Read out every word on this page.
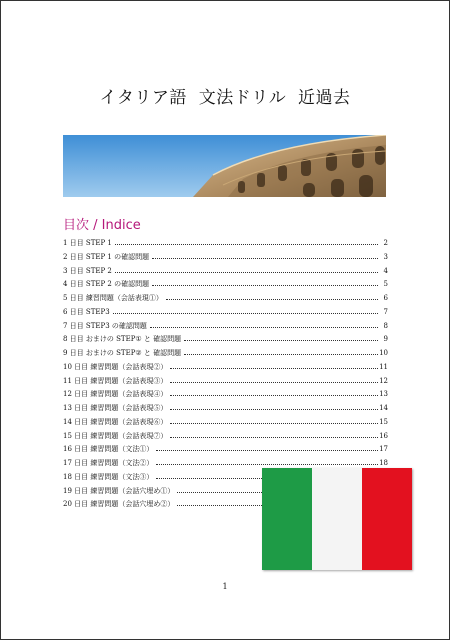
イタリア語  文法ドリル  近過去
目次 / Indice
1 日目 STEP 1	2
2 日目 STEP 1 の確認問題	3
3 日目 STEP 2	4
4 日目 STEP 2 の確認問題	5
5 日目 練習問題（会話表現①）	6
6 日目 STEP3	7
7 日目 STEP3 の確認問題	8
8 日目 おまけの STEP① と 確認問題	9
9 日目 おまけの STEP② と 確認問題	10
10 日目 練習問題（会話表現②）	11
11 日目 練習問題（会話表現③）	12
12 日目 練習問題（会話表現④）	13
13 日目 練習問題（会話表現⑤）	14
14 日目 練習問題（会話表現⑥）	15
15 日目 練習問題（会話表現⑦）	16
16 日目 練習問題（文法①）	17
17 日目 練習問題（文法②）	18
18 日目 練習問題（文法③）
19 日目 練習問題（会話穴埋め①）
20 日目 練習問題（会話穴埋め②）
1
